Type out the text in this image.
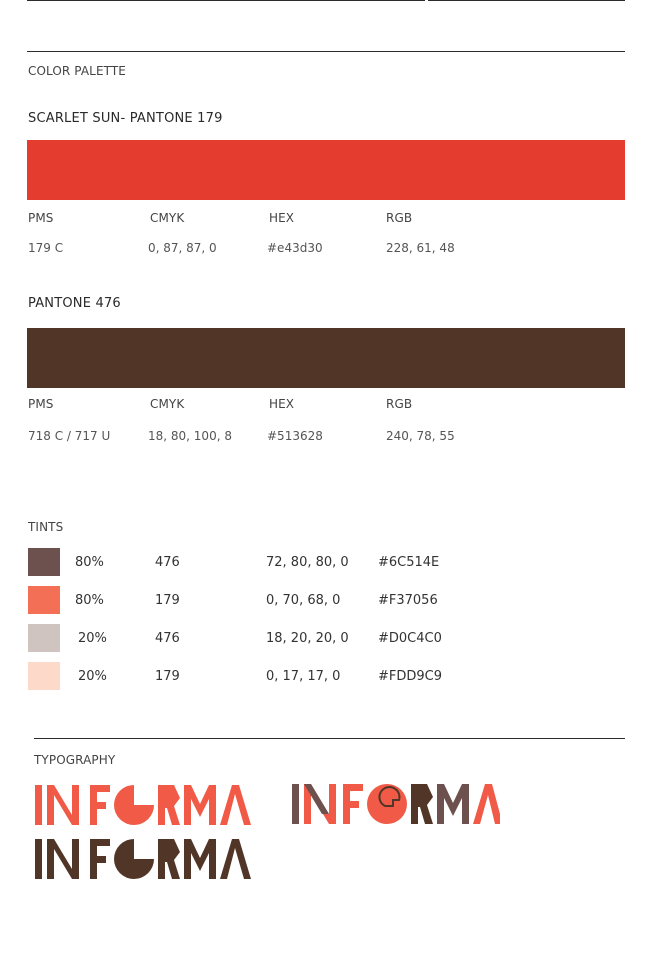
COLOR PALETTE
SCARLET SUN- PANTONE 179
PMS	CMYK	HEX	RGB
179 C	0, 87, 87, 0	#e43d30	228, 61, 48
PANTONE 476
PMS	CMYK	HEX	RGB
718 C / 717 U	18, 80, 100, 8	#513628	240, 78, 55
TINTS
80%	476	72, 80, 80, 0 #6C514E
80%	179	0, 70, 68, 0	#F37056
20%	476	18, 20, 20, 0 #D0C4C0
20%	179	0, 17, 17, 0	#FDD9C9
TYPOGRAPHY
